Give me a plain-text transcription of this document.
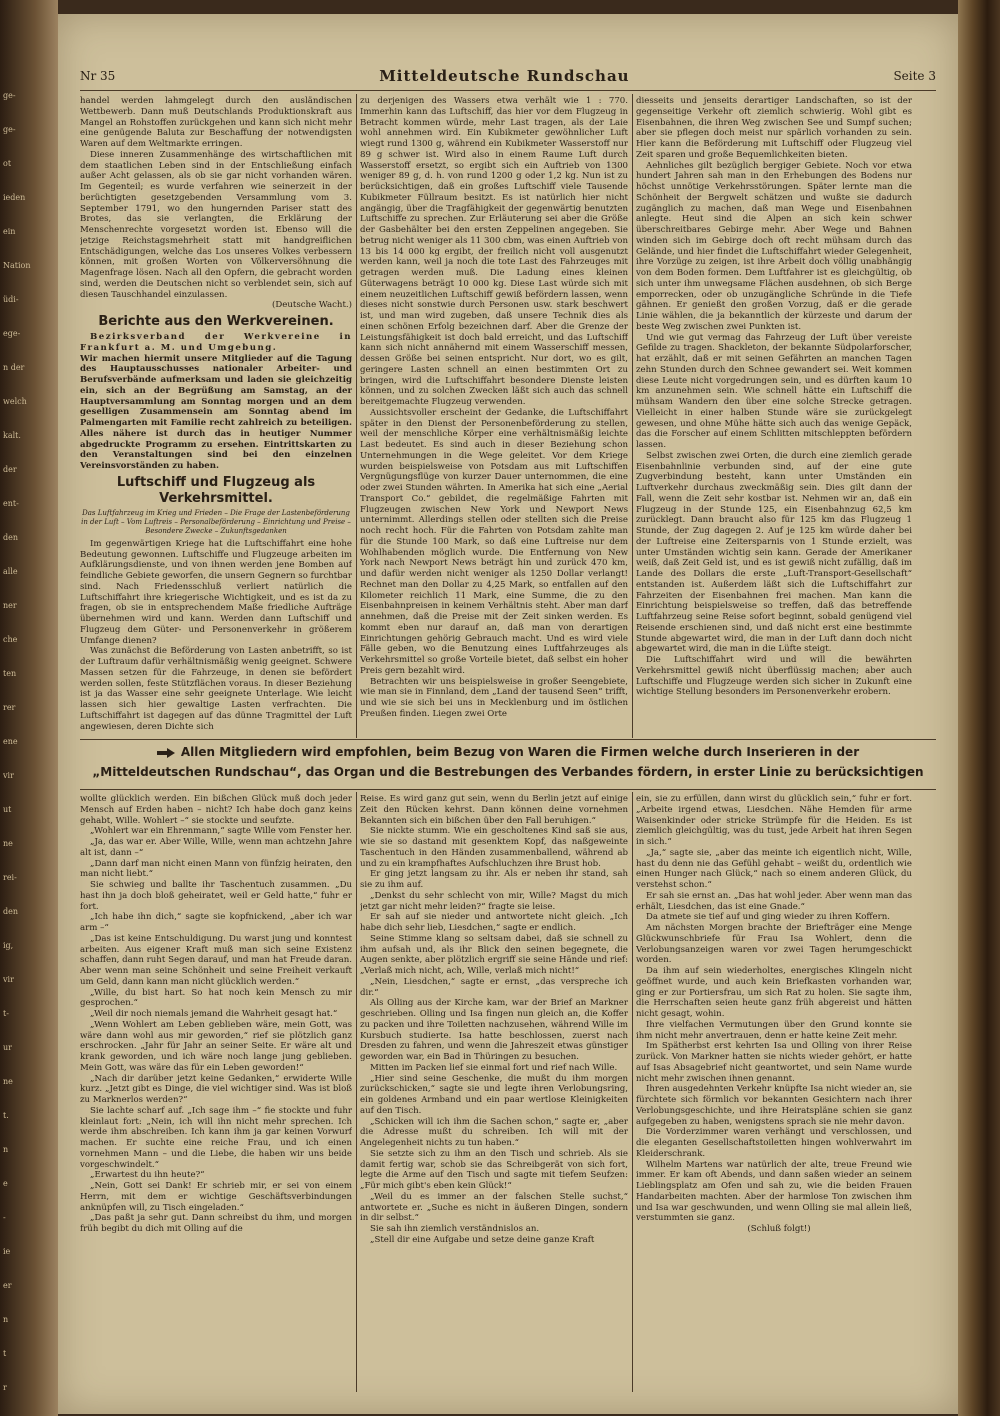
ge-
ge-
ot
ieden
ein
Nation
üdi-
ege-
n der
welch
kalt.
der
ent-
den
alle
ner
che
ten
rer
ene
vir
ut
ne
rei-
den
ig,
vir
t-
ur
ne
t.
n
e
-
ie
er
n
t
r
Nr 35	Mitteldeutsche Rundschau	Seite 3

handel werden lahmgelegt durch den ausländischen Wettbewerb. Dann muß Deutschlands Produktionskraft aus Mangel an Rohstoffen zurückgehen und kann sich nicht mehr eine genügende Baluta zur Beschaffung der notwendigsten Waren auf dem Weltmarkte erringen.

Diese inneren Zusammenhänge des wirtschaftlichen mit dem staatlichen Leben sind in der Entschließung einfach außer Acht gelassen, als ob sie gar nicht vorhanden wären. Im Gegenteil; es wurde verfahren wie seinerzeit in der berüchtigten gesetzgebenden Versammlung vom 3. September 1791, wo den hungernden Pariser statt des Brotes, das sie verlangten, die Erklärung der Menschenrechte vorgesetzt worden ist. Ebenso will die jetzige Reichstagsmehrheit statt mit handgreiflichen Entschädigungen, welche das Los unseres Volkes verbessern können, mit großen Worten von Völkerversöhnung die Magenfrage lösen. Nach all den Opfern, die gebracht worden sind, werden die Deutschen nicht so verblendet sein, sich auf diesen Tauschhandel einzulassen.

(Deutsche Wacht.)

Berichte aus den Werkvereinen.

Bezirksverband der Werkvereine in Frankfurt a. M. und Umgebung.

Wir machen hiermit unsere Mitglieder auf die Tagung des Hauptausschusses nationaler Arbeiter- und Berufsverbände aufmerksam und laden sie gleichzeitig ein, sich an der Begrüßung am Samstag, an der Hauptversammlung am Sonntag morgen und an dem geselligen Zusammensein am Sonntag abend im Palmengarten mit Familie recht zahlreich zu beteiligen. Alles nähere ist durch das in heutiger Nummer abgedruckte Programm zu ersehen. Eintrittskarten zu den Veranstaltungen sind bei den einzelnen Vereinsvorständen zu haben.

Luftschiff und Flugzeug als Verkehrsmittel.
Das Luftfahrzeug im Krieg und Frieden – Die Frage der Lastenbeförderung in der Luft – Vom Luftreis – Personalbeförderung – Einrichtung und Preise – Besondere Zwecke – Zukunftsgedanken

Im gegenwärtigen Kriege hat die Luftschiffahrt eine hohe Bedeutung gewonnen. Luftschiffe und Flugzeuge arbeiten im Aufklärungsdienste, und von ihnen werden jene Bomben auf feindliche Gebiete geworfen, die unsern Gegnern so furchtbar sind. Nach Friedensschluß verliert natürlich die Luftschiffahrt ihre kriegerische Wichtigkeit, und es ist da zu fragen, ob sie in entsprechendem Maße friedliche Aufträge übernehmen wird und kann. Werden dann Luftschiff und Flugzeug dem Güter- und Personenverkehr in größerem Umfange dienen?

Was zunächst die Beförderung von Lasten anbetrifft, so ist der Luftraum dafür verhältnismäßig wenig geeignet. Schwere Massen setzen für die Fahrzeuge, in denen sie befördert werden sollen, feste Stützflächen voraus. In dieser Beziehung ist ja das Wasser eine sehr geeignete Unterlage. Wie leicht lassen sich hier gewaltige Lasten verfrachten. Die Luftschiffahrt ist dagegen auf das dünne Tragmittel der Luft angewiesen, deren Dichte sich

zu derjenigen des Wassers etwa verhält wie 1 : 770. Immerhin kann das Luftschiff, das hier vor dem Flugzeug in Betracht kommen würde, mehr Last tragen, als der Laie wohl annehmen wird. Ein Kubikmeter gewöhnlicher Luft wiegt rund 1300 g, während ein Kubikmeter Wasserstoff nur 89 g schwer ist. Wird also in einem Raume Luft durch Wasserstoff ersetzt, so ergibt sich ein Auftrieb von 1300 weniger 89 g, d. h. von rund 1200 g oder 1,2 kg. Nun ist zu berücksichtigen, daß ein großes Luftschiff viele Tausende Kubikmeter Füllraum besitzt. Es ist natürlich hier nicht angängig, über die Tragfähigkeit der gegenwärtig benutzten Luftschiffe zu sprechen. Zur Erläuterung sei aber die Größe der Gasbehälter bei den ersten Zeppelinen angegeben. Sie betrug nicht weniger als 11 300 cbm, was einen Auftrieb von 13 bis 14 000 kg ergibt, der freilich nicht voll ausgenutzt werden kann, weil ja noch die tote Last des Fahrzeuges mit getragen werden muß. Die Ladung eines kleinen Güterwagens beträgt 10 000 kg. Diese Last würde sich mit einem neuzeitlichen Luftschiff gewiß befördern lassen, wenn dieses nicht sonstwie durch Personen usw. stark beschwert ist, und man wird zugeben, daß unsere Technik dies als einen schönen Erfolg bezeichnen darf. Aber die Grenze der Leistungsfähigkeit ist doch bald erreicht, und das Luftschiff kann sich nicht annähernd mit einem Wasserschiff messen, dessen Größe bei seinen entspricht. Nur dort, wo es gilt, geringere Lasten schnell an einen bestimmten Ort zu bringen, wird die Luftschiffahrt besondere Dienste leisten können, und zu solchen Zwecken läßt sich auch das schnell bereitgemachte Flugzeug verwenden.

Aussichtsvoller erscheint der Gedanke, die Luftschiffahrt später in den Dienst der Personenbeförderung zu stellen, weil der menschliche Körper eine verhältnismäßig leichte Last bedeutet. Es sind auch in dieser Beziehung schon Unternehmungen in die Wege geleitet. Vor dem Kriege wurden beispielsweise von Potsdam aus mit Luftschiffen Vergnügungsflüge von kurzer Dauer unternommen, die eine oder zwei Stunden währten. In Amerika hat sich eine „Aerial Transport Co.“ gebildet, die regelmäßige Fahrten mit Flugzeugen zwischen New York und Newport News unternimmt. Allerdings stellen oder stellten sich die Preise noch recht hoch. Für die Fahrten von Potsdam zahlte man für die Stunde 100 Mark, so daß eine Luftreise nur dem Wohlhabenden möglich wurde. Die Entfernung von New York nach Newport News beträgt hin und zurück 470 km, und dafür werden nicht weniger als 1250 Dollar verlangt! Rechnet man den Dollar zu 4,25 Mark, so entfallen auf den Kilometer reichlich 11 Mark, eine Summe, die zu den Eisenbahnpreisen in keinem Verhältnis steht. Aber man darf annehmen, daß die Preise mit der Zeit sinken werden. Es kommt eben nur darauf an, daß man von derartigen Einrichtungen gehörig Gebrauch macht. Und es wird viele Fälle geben, wo die Benutzung eines Luftfahrzeuges als Verkehrsmittel so große Vorteile bietet, daß selbst ein hoher Preis gern bezahlt wird.

Betrachten wir uns beispielsweise in großer Seengebiete, wie man sie in Finnland, dem „Land der tausend Seen“ trifft, und wie sie sich bei uns in Mecklenburg und im östlichen Preußen finden. Liegen zwei Orte

diesseits und jenseits derartiger Landschaften, so ist der gegenseitige Verkehr oft ziemlich schwierig. Wohl gibt es Eisenbahnen, die ihren Weg zwischen See und Sumpf suchen; aber sie pflegen doch meist nur spärlich vorhanden zu sein. Hier kann die Beförderung mit Luftschiff oder Flugzeug viel Zeit sparen und große Bequemlichkeiten bieten.

Aehnliches gilt bezüglich bergiger Gebiete. Noch vor etwa hundert Jahren sah man in den Erhebungen des Bodens nur höchst unnötige Verkehrsstörungen. Später lernte man die Schönheit der Bergwelt schätzen und wußte sie dadurch zugänglich zu machen, daß man Wege und Eisenbahnen anlegte. Heut sind die Alpen an sich kein schwer überschreitbares Gebirge mehr. Aber Wege und Bahnen winden sich im Gebirge doch oft recht mühsam durch das Gelände, und hier findet die Luftschiffahrt wieder Gelegenheit, ihre Vorzüge zu zeigen, ist ihre Arbeit doch völlig unabhängig von dem Boden formen. Dem Luftfahrer ist es gleichgültig, ob sich unter ihm unwegsame Flächen ausdehnen, ob sich Berge emporrecken, oder ob unzugängliche Schründe in die Tiefe gähnen. Er genießt den großen Vorzug, daß er die gerade Linie wählen, die ja bekanntlich der kürzeste und darum der beste Weg zwischen zwei Punkten ist.

Und wie gut vermag das Fahrzeug der Luft über vereiste Gefilde zu tragen. Shackleton, der bekannte Südpolarforscher, hat erzählt, daß er mit seinen Gefährten an manchen Tagen zehn Stunden durch den Schnee gewandert sei. Weit kommen diese Leute nicht vorgedrungen sein, und es dürften kaum 10 km anzunehmen sein. Wie schnell hätte ein Luftschiff die mühsam Wandern den über eine solche Strecke getragen. Vielleicht in einer halben Stunde wäre sie zurückgelegt gewesen, und ohne Mühe hätte sich auch das wenige Gepäck, das die Forscher auf einem Schlitten mitschleppten befördern lassen.

Selbst zwischen zwei Orten, die durch eine ziemlich gerade Eisenbahnlinie verbunden sind, auf der eine gute Zugverbindung besteht, kann unter Umständen ein Luftverkehr durchaus zweckmäßig sein. Dies gilt dann der Fall, wenn die Zeit sehr kostbar ist. Nehmen wir an, daß ein Flugzeug in der Stunde 125, ein Eisenbahnzug 62,5 km zurücklegt. Dann braucht also für 125 km das Flugzeug 1 Stunde, der Zug dagegen 2. Auf je 125 km würde daher bei der Luftreise eine Zeitersparnis von 1 Stunde erzielt, was unter Umständen wichtig sein kann. Gerade der Amerikaner weiß, daß Zeit Geld ist, und es ist gewiß nicht zufällig, daß im Lande des Dollars die erste „Luft-Transport-Gesellschaft“ entstanden ist. Außerdem läßt sich die Luftschiffahrt zur Fahrzeiten der Eisenbahnen frei machen. Man kann die Einrichtung beispielsweise so treffen, daß das betreffende Luftfahrzeug seine Reise sofort beginnt, sobald genügend viel Reisende erschienen sind, und daß nicht erst eine bestimmte Stunde abgewartet wird, die man in der Luft dann doch nicht abgewartet wird, die man in die Lüfte steigt.

Die Luftschiffahrt wird und will die bewährten Verkehrsmittel gewiß nicht überflüssig machen; aber auch Luftschiffe und Flugzeuge werden sich sicher in Zukunft eine wichtige Stellung besonders im Personenverkehr erobern.

Allen Mitgliedern wird empfohlen, beim Bezug von Waren die Firmen welche durch Inserieren in der
„Mitteldeutschen Rundschau“, das Organ und die Bestrebungen des Verbandes fördern, in erster Linie zu berücksichtigen

wollte glücklich werden. Ein bißchen Glück muß doch jeder Mensch auf Erden haben – nicht? Ich habe doch ganz keins gehabt, Wille. Wohlert –“ sie stockte und seufzte.

„Wohlert war ein Ehrenmann,“ sagte Wille vom Fenster her.

„Ja, das war er. Aber Wille, Wille, wenn man achtzehn Jahre alt ist, dann –“

„Dann darf man nicht einen Mann von fünfzig heiraten, den man nicht liebt.“

Sie schwieg und ballte ihr Taschentuch zusammen. „Du hast ihn ja doch bloß geheiratet, weil er Geld hatte,“ fuhr er fort.

„Ich habe ihn dich,“ sagte sie kopfnickend, „aber ich war arm –“

„Das ist keine Entschuldigung. Du warst jung und konntest arbeiten. Aus eigener Kraft muß man sich seine Existenz schaffen, dann ruht Segen darauf, und man hat Freude daran. Aber wenn man seine Schönheit und seine Freiheit verkauft um Geld, dann kann man nicht glücklich werden.“

„Wille, du bist hart. So hat noch kein Mensch zu mir gesprochen.“

„Weil dir noch niemals jemand die Wahrheit gesagt hat.“

„Wenn Wohlert am Leben geblieben wäre, mein Gott, was wäre dann wohl aus mir geworden,“ rief sie plötzlich ganz erschrocken. „Jahr für Jahr an seiner Seite. Er wäre alt und krank geworden, und ich wäre noch lange jung geblieben. Mein Gott, was wäre das für ein Leben geworden!“

„Nach dir darüber jetzt keine Gedanken,“ erwiderte Wille kurz. „Jetzt gibt es Dinge, die viel wichtiger sind. Was ist bloß zu Marknerlos werden?“

Sie lachte scharf auf. „Ich sage ihm –“ fie stockte und fuhr kleinlaut fort: „Nein, ich will ihn nicht mehr sprechen. Ich werde ihm abschreiben. Ich kann ihm ja gar keinen Vorwurf machen. Er suchte eine reiche Frau, und ich einen vornehmen Mann – und die Liebe, die haben wir uns beide vorgeschwindelt.“

„Erwartest du ihn heute?“

„Nein, Gott sei Dank! Er schrieb mir, er sei von einem Herrn, mit dem er wichtige Geschäftsverbindungen anknüpfen will, zu Tisch eingeladen.“

„Das paßt ja sehr gut. Dann schreibst du ihm, und morgen früh begibt du dich mit Olling auf die

Reise. Es wird ganz gut sein, wenn du Berlin jetzt auf einige Zeit den Rücken kehrst. Dann können deine vornehmen Bekannten sich ein bißchen über den Fall beruhigen.“

Sie nickte stumm. Wie ein gescholtenes Kind saß sie aus, wie sie so dastand mit gesenktem Kopf, das naßgeweinte Taschentuch in den Händen zusammenballend, während ab und zu ein krampfhaftes Aufschluchzen ihre Brust hob.

Er ging jetzt langsam zu ihr. Als er neben ihr stand, sah sie zu ihm auf.

„Denkst du sehr schlecht von mir, Wille? Magst du mich jetzt gar nicht mehr leiden?“ fragte sie leise.

Er sah auf sie nieder und antwortete nicht gleich. „Ich habe dich sehr lieb, Liesdchen,“ sagte er endlich.

Seine Stimme klang so seltsam dabei, daß sie schnell zu ihm aufsah und, als ihr Blick den seinen begegnete, die Augen senkte, aber plötzlich ergriff sie seine Hände und rief: „Verlaß mich nicht, ach, Wille, verlaß mich nicht!“

„Nein, Liesdchen,“ sagte er ernst, „das verspreche ich dir.“

Als Olling aus der Kirche kam, war der Brief an Markner geschrieben. Olling und Isa fingen nun gleich an, die Koffer zu packen und ihre Toiletten nachzusehen, während Wille im Kursbuch studierte. Isa hatte beschlossen, zuerst nach Dresden zu fahren, und wenn die Jahreszeit etwas günstiger geworden war, ein Bad in Thüringen zu besuchen.

Mitten im Packen lief sie einmal fort und rief nach Wille.

„Hier sind seine Geschenke, die mußt du ihm morgen zurückschicken,“ sagte sie und legte ihren Verlobungsring, ein goldenes Armband und ein paar wertlose Kleinigkeiten auf den Tisch.

„Schicken will ich ihm die Sachen schon,“ sagte er, „aber die Adresse mußt du schreiben. Ich will mit der Angelegenheit nichts zu tun haben.“

Sie setzte sich zu ihm an den Tisch und schrieb. Als sie damit fertig war, schob sie das Schreibgerät von sich fort, legte die Arme auf den Tisch und sagte mit tiefem Seufzen: „Für mich gibt's eben kein Glück!“

„Weil du es immer an der falschen Stelle suchst,“ antwortete er. „Suche es nicht in äußeren Dingen, sondern in dir selbst.“

Sie sah ihn ziemlich verständnislos an.

„Stell dir eine Aufgabe und setze deine ganze Kraft

ein, sie zu erfüllen, dann wirst du glücklich sein,“ fuhr er fort. „Arbeite irgend etwas, Liesdchen. Nähe Hemden für arme Waisenkinder oder stricke Strümpfe für die Heiden. Es ist ziemlich gleichgültig, was du tust, jede Arbeit hat ihren Segen in sich.“

„Ja,“ sagte sie, „aber das meinte ich eigentlich nicht, Wille, hast du denn nie das Gefühl gehabt – weißt du, ordentlich wie einen Hunger nach Glück,“ nach so einem anderen Glück, du verstehst schon.“

Er sah sie ernst an. „Das hat wohl jeder. Aber wenn man das erhält, Liesdchen, das ist eine Gnade.“

Da atmete sie tief auf und ging wieder zu ihren Koffern.

Am nächsten Morgen brachte der Briefträger eine Menge Glückwunschbriefe für Frau Isa Wohlert, denn die Verlobungsanzeigen waren vor zwei Tagen herumgeschickt worden.

Da ihm auf sein wiederholtes, energisches Klingeln nicht geöffnet wurde, und auch kein Briefkasten vorhanden war, ging er zur Portiersfrau, um sich Rat zu holen. Sie sagte ihm, die Herrschaften seien heute ganz früh abgereist und hätten nicht gesagt, wohin.

Ihre vielfachen Vermutungen über den Grund konnte sie ihm nicht mehr anvertrauen, denn er hatte keine Zeit mehr.

Im Spätherbst erst kehrten Isa und Olling von ihrer Reise zurück. Von Markner hatten sie nichts wieder gehört, er hatte auf Isas Absagebrief nicht geantwortet, und sein Name wurde nicht mehr zwischen ihnen genannt.

Ihren ausgedehnten Verkehr knüpfte Isa nicht wieder an, sie fürchtete sich förmlich vor bekannten Gesichtern nach ihrer Verlobungsgeschichte, und ihre Heiratspläne schien sie ganz aufgegeben zu haben, wenigstens sprach sie nie mehr davon.

Die Vorderzimmer waren verhängt und verschlossen, und die eleganten Gesellschaftstoiletten hingen wohlverwahrt im Kleiderschrank.

Wilhelm Martens war natürlich der alte, treue Freund wie immer. Er kam oft Abends, und dann saßen wieder an seinem Lieblingsplatz am Ofen und sah zu, wie die beiden Frauen Handarbeiten machten. Aber der harmlose Ton zwischen ihm und Isa war geschwunden, und wenn Olling sie mal allein ließ, verstummten sie ganz.

(Schluß folgt!)
